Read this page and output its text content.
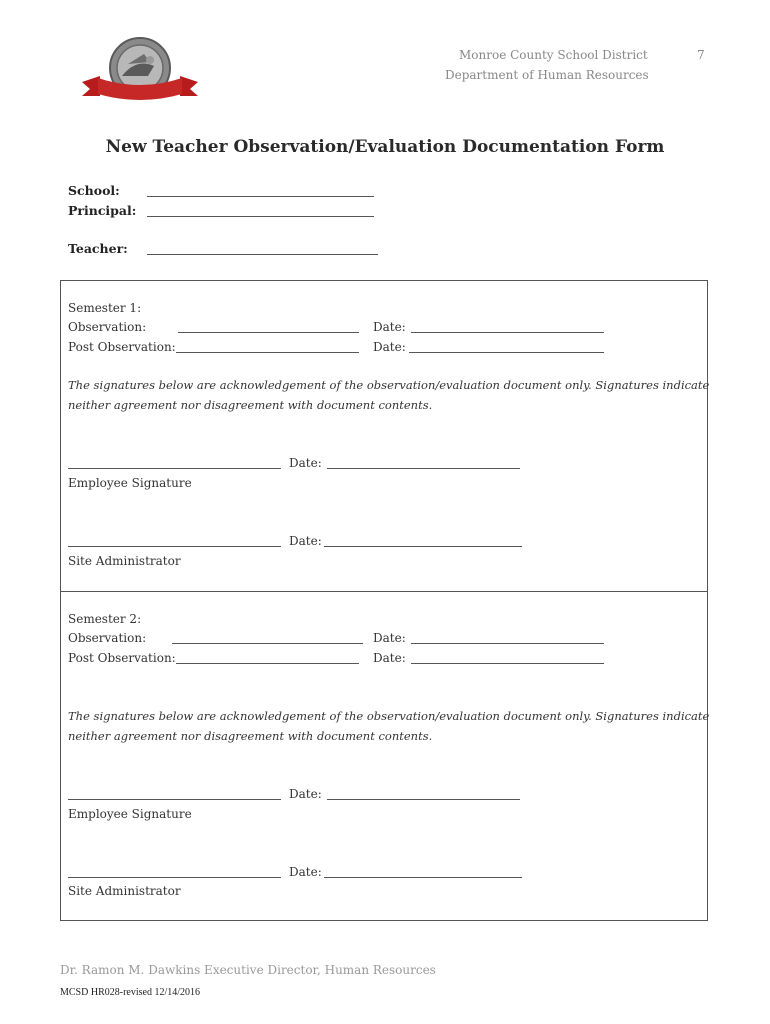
Monroe County School District
Department of Human Resources
7
New Teacher Observation/Evaluation Documentation Form
School:
Principal:
Teacher:
Semester 1:
Observation:	Date:
Post Observation:	Date:
The signatures below are acknowledgement of the observation/evaluation document only. Signatures indicate
neither agreement nor disagreement with document contents.
Date:
Employee Signature
Date:
Site Administrator
Semester 2:
Observation:	Date:
Post Observation:	Date:
The signatures below are acknowledgement of the observation/evaluation document only. Signatures indicate
neither agreement nor disagreement with document contents.
Date:
Employee Signature
Date:
Site Administrator
Dr. Ramon M. Dawkins Executive Director, Human Resources
MCSD HR028-revised 12/14/2016
